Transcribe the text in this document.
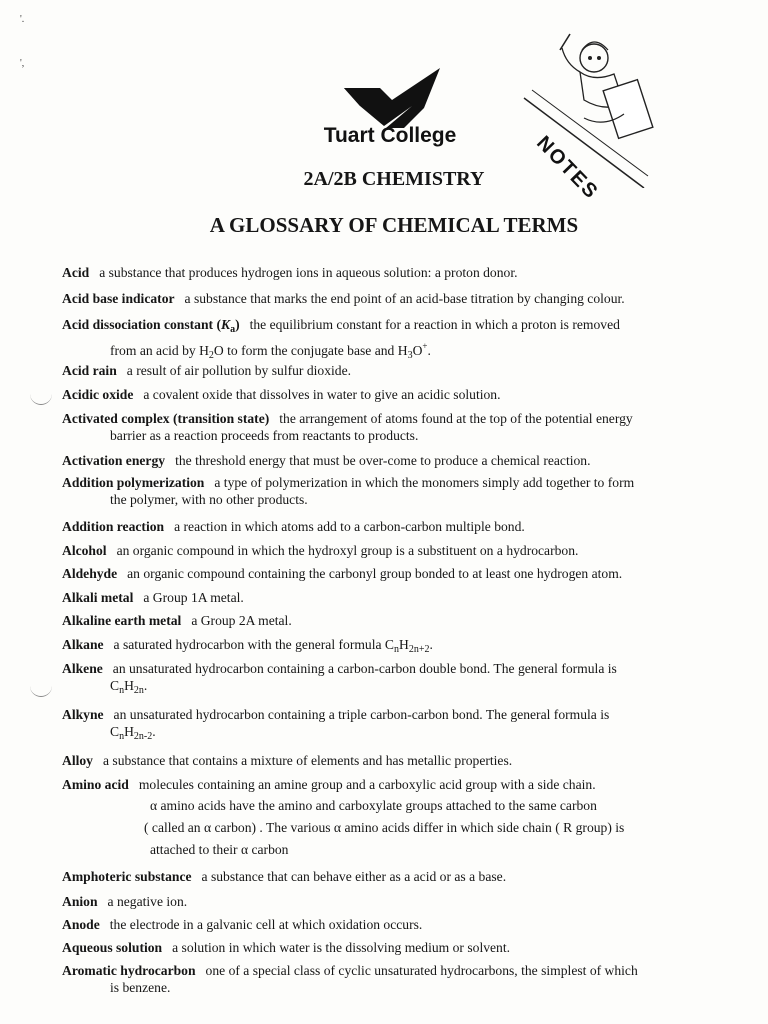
'.
',
Tuart College	NOTES
2A/2B CHEMISTRY
A GLOSSARY OF CHEMICAL TERMS
Acid a substance that produces hydrogen ions in aqueous solution: a proton donor.
Acid base indicator a substance that marks the end point of an acid-base titration by changing colour.
Acid dissociation constant $(K_a)$ the equilibrium constant for a reaction in which a proton is removed
from an acid by $H_2O$ to form the conjugate base and $H_3O^+$.
Acid rain a result of air pollution by sulfur dioxide.
Acidic oxide a covalent oxide that dissolves in water to give an acidic solution.
Activated complex (transition state) the arrangement of atoms found at the top of the potential energy
barrier as a reaction proceeds from reactants to products.
Activation energy the threshold energy that must be over-come to produce a chemical reaction.
Addition polymerization a type of polymerization in which the monomers simply add together to form
the polymer, with no other products.
Addition reaction a reaction in which atoms add to a carbon-carbon multiple bond.
Alcohol an organic compound in which the hydroxyl group is a substituent on a hydrocarbon.
Aldehyde an organic compound containing the carbonyl group bonded to at least one hydrogen atom.
Alkali metal a Group 1A metal.
Alkaline earth metal a Group 2A metal.
Alkane a saturated hydrocarbon with the general formula $C_nH_{2n+2}$.
Alkene an unsaturated hydrocarbon containing a carbon-carbon double bond. The general formula is
$C_nH_{2n}$.
Alkyne an unsaturated hydrocarbon containing a triple carbon-carbon bond. The general formula is
$C_nH_{2n-2}$.
Alloy a substance that contains a mixture of elements and has metallic properties.
Amino acid molecules containing an amine group and a carboxylic acid group with a side chain.
α amino acids have the amino and carboxylate groups attached to the same carbon
( called an α carbon) . The various α amino acids differ in which side chain ( R group) is
attached to their α carbon
Amphoteric substance a substance that can behave either as a acid or as a base.
Anion a negative ion.
Anode the electrode in a galvanic cell at which oxidation occurs.
Aqueous solution a solution in which water is the dissolving medium or solvent.
Aromatic hydrocarbon one of a special class of cyclic unsaturated hydrocarbons, the simplest of which
is benzene.
